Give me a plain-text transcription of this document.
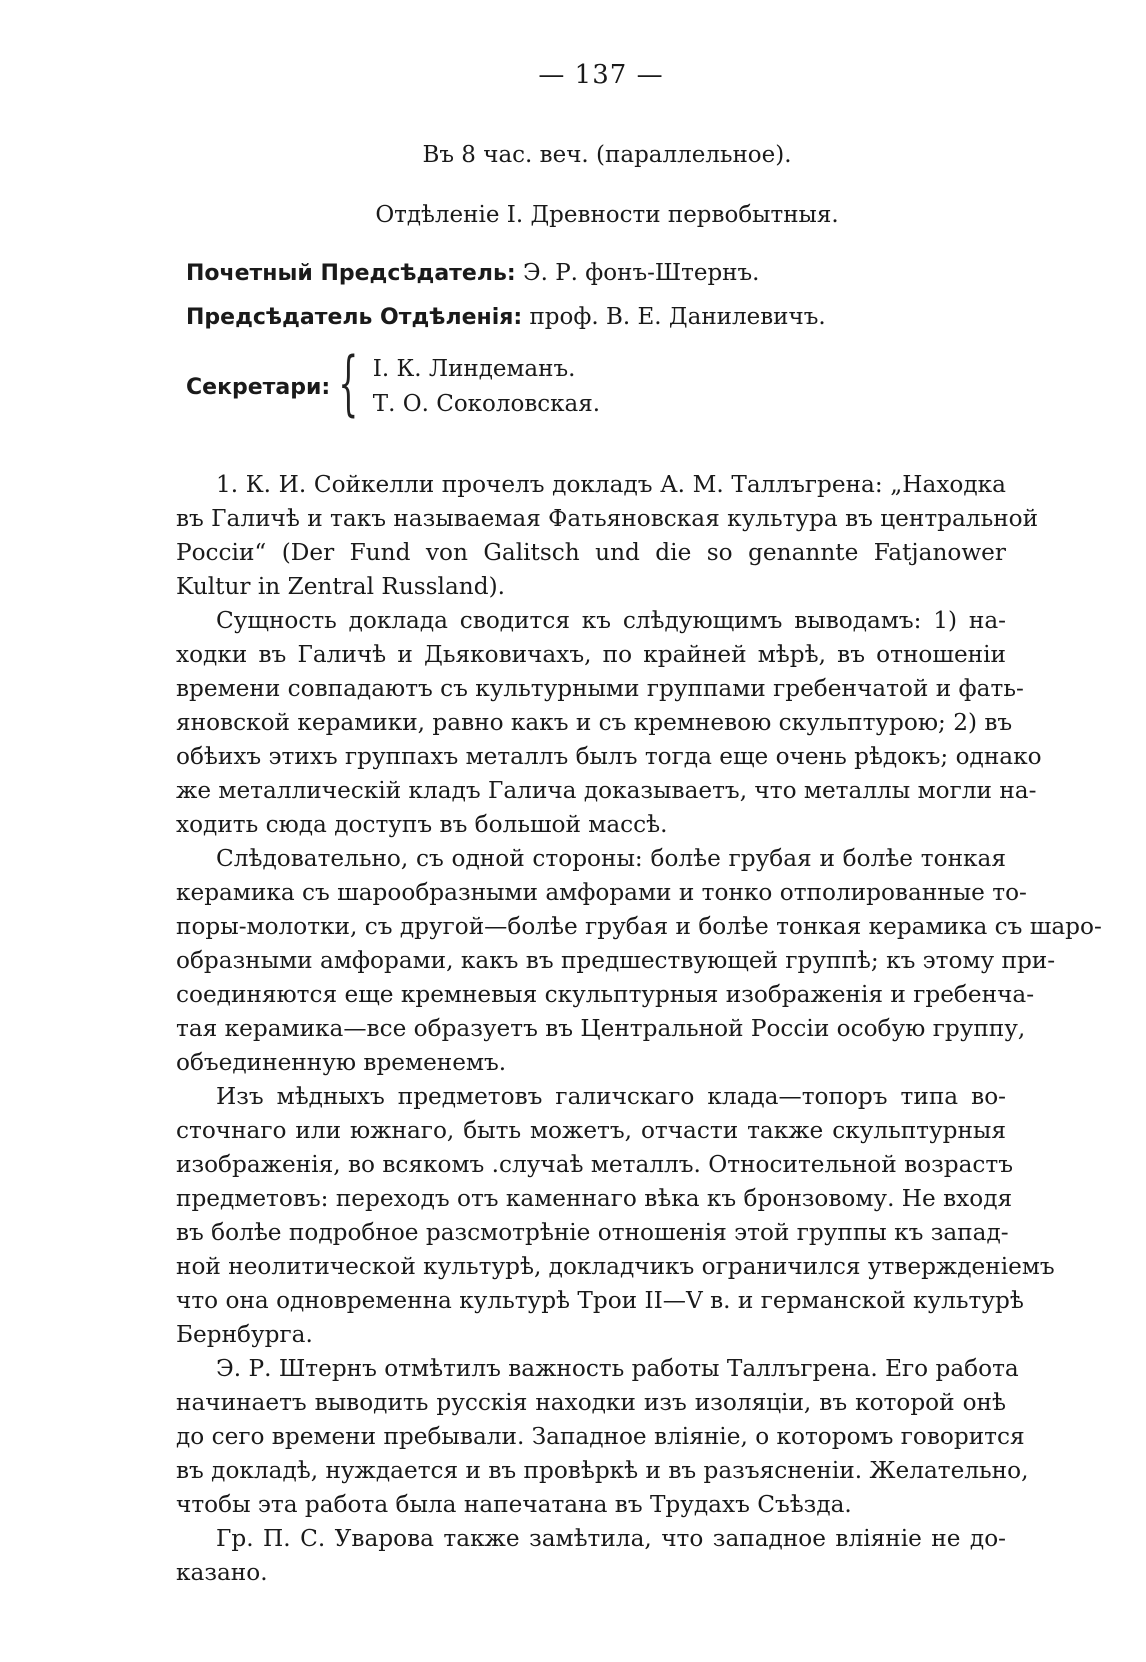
— 137 —
Въ 8 час. веч. (параллельное).
Отдѣленіе I. Древности первобытныя.
Почетный Предсѣдатель: Э. Р. фонъ-Штернъ.
Предсѣдатель Отдѣленія: проф. В. Е. Данилевичъ.
Секретари: { I. К. Линдеманъ.
Т. О. Соколовская.
1. К. И. Сойкелли прочелъ докладъ А. М. Таллъгрена: „Находка
въ Галичѣ и такъ называемая Фатьяновская культура въ центральной
Россіи“ (Der Fund von Galitsch und die so genannte Fatjanower
Kultur in Zentral Russland).
Сущность доклада сводится къ слѣдующимъ выводамъ: 1) на-
ходки въ Галичѣ и Дьяковичахъ, по крайней мѣрѣ, въ отношеніи
времени совпадаютъ съ культурными группами гребенчатой и фать-
яновской керамики, равно какъ и съ кремневою скульптурою; 2) въ
обѣихъ этихъ группахъ металлъ былъ тогда еще очень рѣдокъ; однако
же металлическій кладъ Галича доказываетъ, что металлы могли на-
ходить сюда доступъ въ большой массѣ.
Слѣдовательно, съ одной стороны: болѣе грубая и болѣе тонкая
керамика съ шарообразными амфорами и тонко отполированные то-
поры-молотки, съ другой—болѣе грубая и болѣе тонкая керамика съ шаро-
образными амфорами, какъ въ предшествующей группѣ; къ этому при-
соединяются еще кремневыя скульптурныя изображенія и гребенча-
тая керамика—все образуетъ въ Центральной Россіи особую группу,
объединенную временемъ.
Изъ мѣдныхъ предметовъ галичскаго клада—топоръ типа во-
сточнаго или южнаго, быть можетъ, отчасти также скульптурныя
изображенія, во всякомъ .случаѣ металлъ. Относительной возрастъ
предметовъ: переходъ отъ каменнаго вѣка къ бронзовому. Не входя
въ болѣе подробное разсмотрѣніе отношенія этой группы къ запад-
ной неолитической культурѣ, докладчикъ ограничился утвержденіемъ
что она одновременна культурѣ Трои II—V в. и германской культурѣ
Бернбурга.
Э. Р. Штернъ отмѣтилъ важность работы Таллъгрена. Его работа
начинаетъ выводить русскія находки изъ изоляціи, въ которой онѣ
до сего времени пребывали. Западное вліяніе, о которомъ говорится
въ докладѣ, нуждается и въ провѣркѣ и въ разъясненіи. Желательно,
чтобы эта работа была напечатана въ Трудахъ Съѣзда.
Гр. П. С. Уварова также замѣтила, что западное вліяніе не до-
казано.
